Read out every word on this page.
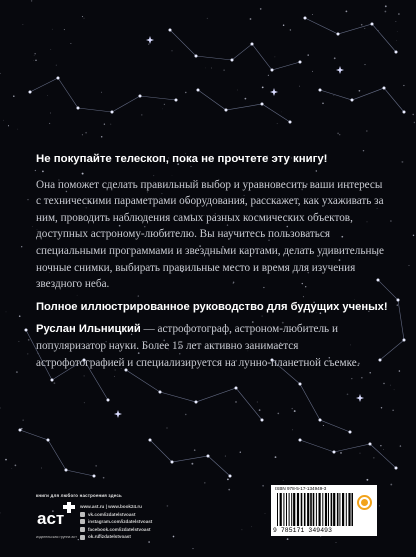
Не покупайте телескоп, пока не прочтете эту книгу!

Она поможет сделать правильный выбор и уравновесить ваши интересы с техническими параметрами оборудования, расскажет, как ухаживать за ним, проводить наблюдения самых разных космических объектов, доступных астроному-любителю. Вы научитесь пользоваться специальными программами и звездными картами, делать удивительные ночные снимки, выбирать правильные место и время для изучения звездного неба.

Полное иллюстрированное руководство для будущих ученых!

Руслан Ильницкий — астрофотограф, астроном-любитель и популяризатор науки. Более 15 лет активно занимается астрофотографией и специализируется на лунно-планетной съемке.

книги для любого настроения здесь
аст
издательская группа аст
www.ast.ru | www.book24.ru
vk.com/izdatelstvoast
instagram.com/izdatelstvoast
facebook.com/izdatelstvoast
ok.ru/izdatelstvoast
ISBN 978-5-17-134949-3
9 785171 349493
